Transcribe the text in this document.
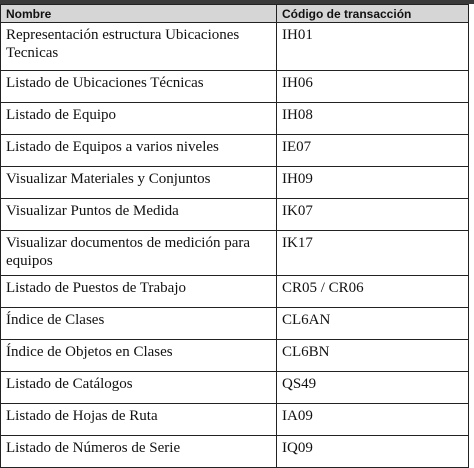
Nombre	Código de transacción
Representación estructura Ubicaciones Tecnicas	IH01
Listado de Ubicaciones Técnicas	IH06
Listado de Equipo	IH08
Listado de Equipos a varios niveles	IE07
Visualizar Materiales y Conjuntos	IH09
Visualizar Puntos de Medida	IK07
Visualizar documentos de medición para equipos	IK17
Listado de Puestos de Trabajo	CR05 / CR06
Índice de Clases	CL6AN
Índice de Objetos en Clases	CL6BN
Listado de Catálogos	QS49
Listado de Hojas de Ruta	IA09
Listado de Números de Serie	IQ09
